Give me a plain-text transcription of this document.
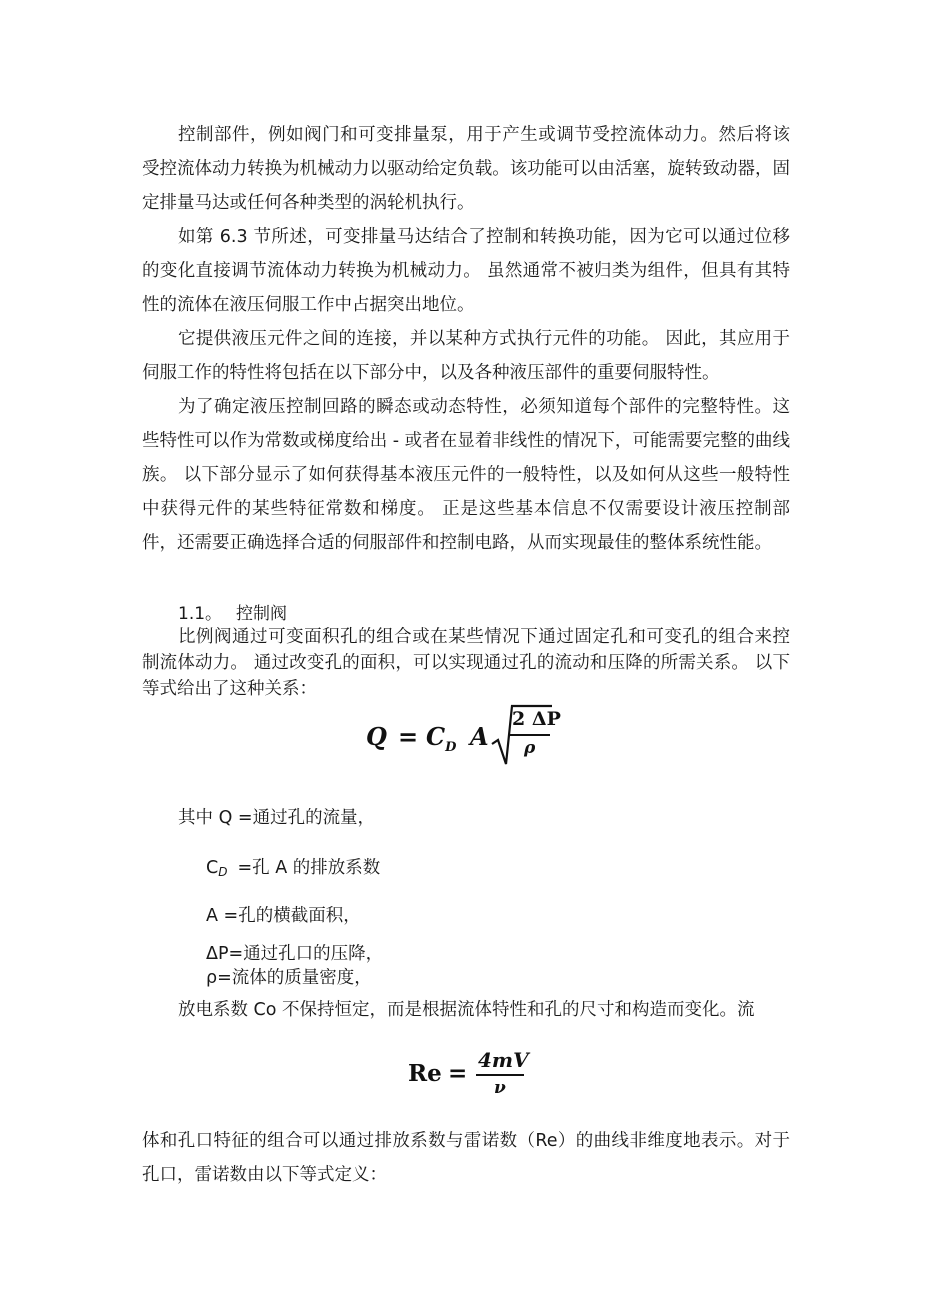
控制部件，例如阀门和可变排量泵，用于产生或调节受控流体动力。然后将该受控流体动力转换为机械动力以驱动给定负载。该功能可以由活塞，旋转致动器，固定排量马达或任何各种类型的涡轮机执行。

如第 6.3 节所述，可变排量马达结合了控制和转换功能，因为它可以通过位移的变化直接调节流体动力转换为机械动力。 虽然通常不被归类为组件，但具有其特性的流体在液压伺服工作中占据突出地位。

它提供液压元件之间的连接，并以某种方式执行元件的功能。 因此，其应用于伺服工作的特性将包括在以下部分中，以及各种液压部件的重要伺服特性。

为了确定液压控制回路的瞬态或动态特性，必须知道每个部件的完整特性。这些特性可以作为常数或梯度给出 - 或者在显着非线性的情况下，可能需要完整的曲线族。 以下部分显示了如何获得基本液压元件的一般特性，以及如何从这些一般特性中获得元件的某些特征常数和梯度。 正是这些基本信息不仅需要设计液压控制部件，还需要正确选择合适的伺服部件和控制电路，从而实现最佳的整体系统性能。

1.1。 控制阀

比例阀通过可变面积孔的组合或在某些情况下通过固定孔和可变孔的组合来控制流体动力。 通过改变孔的面积，可以实现通过孔的流动和压降的所需关系。 以下等式给出了这种关系：

$Q = C_D$ A
2 ΔP
ρ
其中 Q =通过孔的流量，
$C_D$ =孔 A 的排放系数
A =孔的横截面积，
ΔP=通过孔口的压降，
ρ=流体的质量密度，
放电系数 Co 不保持恒定，而是根据流体特性和孔的尺寸和构造而变化。流
Re = 4mV
ν

体和孔口特征的组合可以通过排放系数与雷诺数（Re）的曲线非维度地表示。对于孔口，雷诺数由以下等式定义：
